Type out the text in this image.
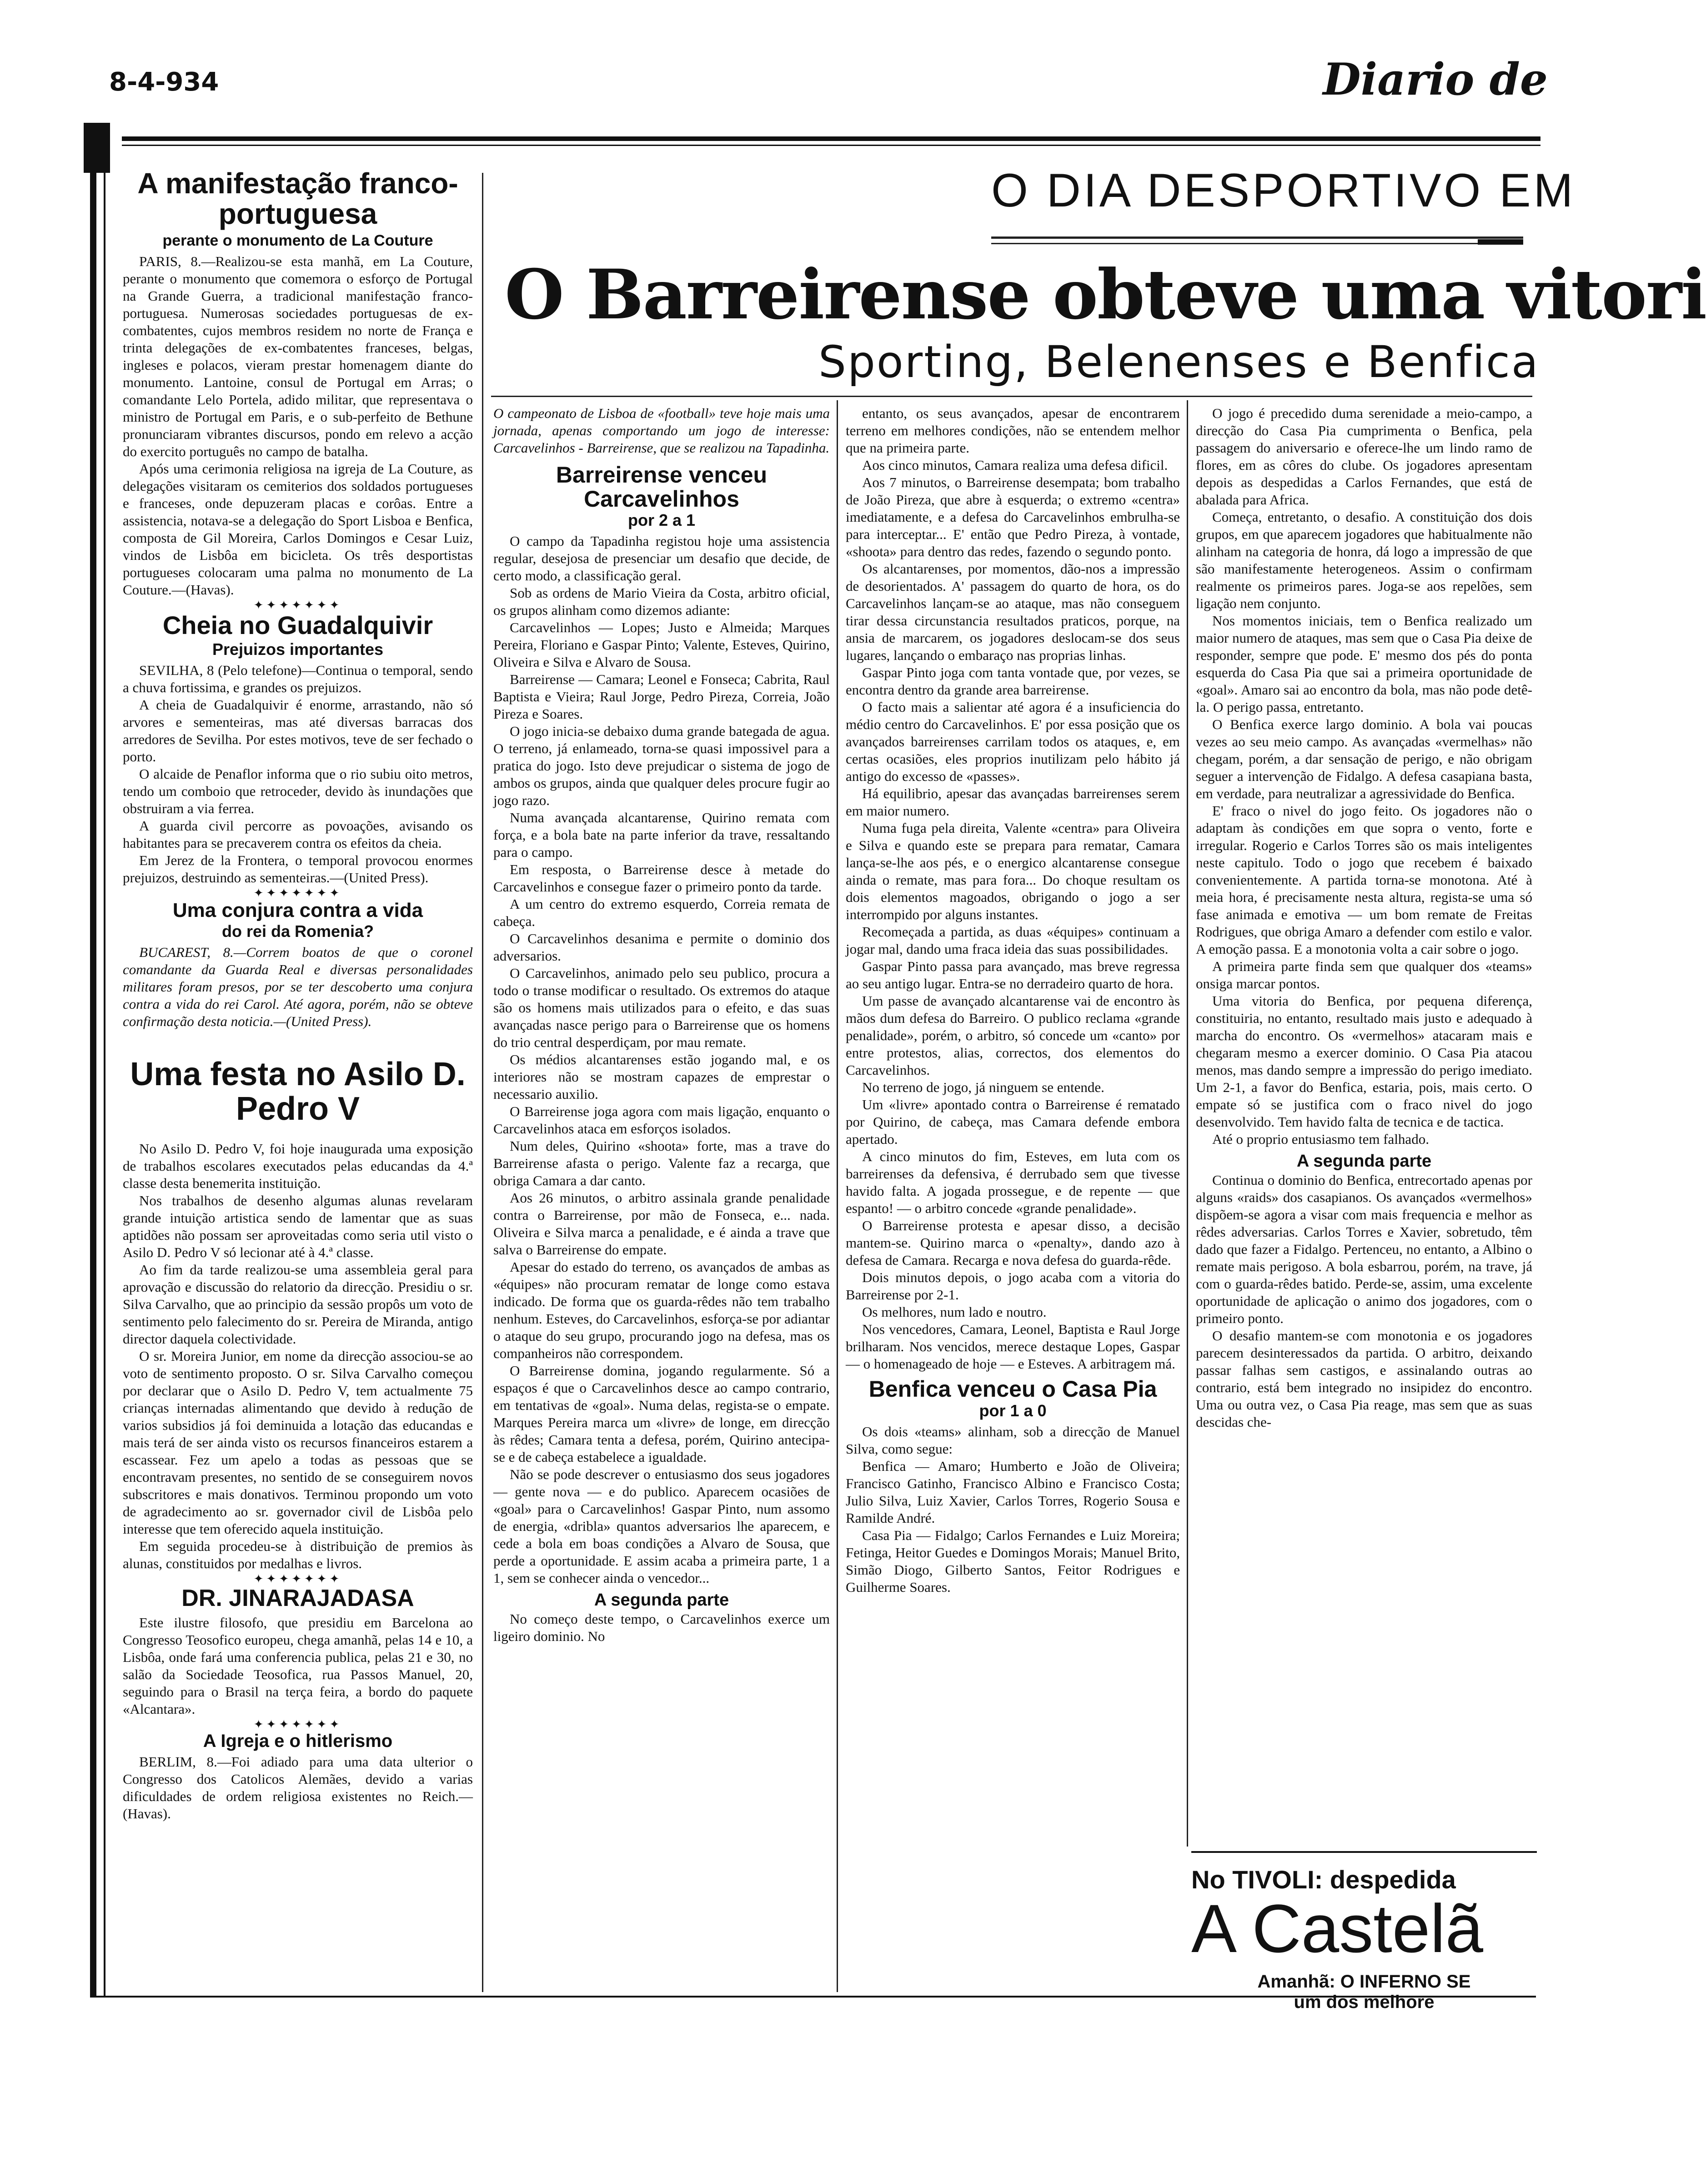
8-4-934	Diario de
A manifestação franco-portuguesa
perante o monumento de La Couture

PARIS, 8.—Realizou-se esta manhã, em La Couture, perante o monumento que comemora o esforço de Portugal na Grande Guerra, a tradicional manifestação franco-portuguesa. Numerosas sociedades portuguesas de ex-combatentes, cujos membros residem no norte de França e trinta delegações de ex-combatentes franceses, belgas, ingleses e polacos, vieram prestar homenagem diante do monumento. Lantoine, consul de Portugal em Arras; o comandante Lelo Portela, adido militar, que representava o ministro de Portugal em Paris, e o sub-perfeito de Bethune pronunciaram vibrantes discursos, pondo em relevo a acção do exercito português no campo de batalha.

Após uma cerimonia religiosa na igreja de La Couture, as delegações visitaram os cemiterios dos soldados portugueses e franceses, onde depuzeram placas e corôas. Entre a assistencia, notava-se a delegação do Sport Lisboa e Benfica, composta de Gil Moreira, Carlos Domingos e Cesar Luiz, vindos de Lisbôa em bicicleta. Os três desportistas portugueses colocaram uma palma no monumento de La Couture.—(Havas).

✦✦✦✦✦✦✦
Cheia no Guadalquivir
Prejuizos importantes

SEVILHA, 8 (Pelo telefone)—Continua o temporal, sendo a chuva fortissima, e grandes os prejuizos.

A cheia de Guadalquivir é enorme, arrastando, não só arvores e sementeiras, mas até diversas barracas dos arredores de Sevilha. Por estes motivos, teve de ser fechado o porto.

O alcaide de Penaflor informa que o rio subiu oito metros, tendo um comboio que retroceder, devido às inundações que obstruiram a via ferrea.

A guarda civil percorre as povoações, avisando os habitantes para se precaverem contra os efeitos da cheia.

Em Jerez de la Frontera, o temporal provocou enormes prejuizos, destruindo as sementeiras.—(United Press).

✦✦✦✦✦✦✦
Uma conjura contra a vida
do rei da Romenia?

BUCAREST, 8.—Correm boatos de que o coronel comandante da Guarda Real e diversas personalidades militares foram presos, por se ter descoberto uma conjura contra a vida do rei Carol. Até agora, porém, não se obteve confirmação desta noticia.—(United Press).

Uma festa no Asilo D. Pedro V

No Asilo D. Pedro V, foi hoje inaugurada uma exposição de trabalhos escolares executados pelas educandas da 4.ª classe desta benemerita instituição.

Nos trabalhos de desenho algumas alunas revelaram grande intuição artistica sendo de lamentar que as suas aptidões não possam ser aproveitadas como seria util visto o Asilo D. Pedro V só lecionar até à 4.ª classe.

Ao fim da tarde realizou-se uma assembleia geral para aprovação e discussão do relatorio da direcção. Presidiu o sr. Silva Carvalho, que ao principio da sessão propôs um voto de sentimento pelo falecimento do sr. Pereira de Miranda, antigo director daquela colectividade.

O sr. Moreira Junior, em nome da direcção associou-se ao voto de sentimento proposto. O sr. Silva Carvalho começou por declarar que o Asilo D. Pedro V, tem actualmente 75 crianças internadas alimentando que devido à redução de varios subsidios já foi deminuida a lotação das educandas e mais terá de ser ainda visto os recursos financeiros estarem a escassear. Fez um apelo a todas as pessoas que se encontravam presentes, no sentido de se conseguirem novos subscritores e mais donativos. Terminou propondo um voto de agradecimento ao sr. governador civil de Lisbôa pelo interesse que tem oferecido aquela instituição.

Em seguida procedeu-se à distribuição de premios às alunas, constituidos por medalhas e livros.

✦✦✦✦✦✦✦
DR. JINARAJADASA

Este ilustre filosofo, que presidiu em Barcelona ao Congresso Teosofico europeu, chega amanhã, pelas 14 e 10, a Lisbôa, onde fará uma conferencia publica, pelas 21 e 30, no salão da Sociedade Teosofica, rua Passos Manuel, 20, seguindo para o Brasil na terça feira, a bordo do paquete «Alcantara».

✦✦✦✦✦✦✦
A Igreja e o hitlerismo

BERLIM, 8.—Foi adiado para uma data ulterior o Congresso dos Catolicos Alemães, devido a varias dificuldades de ordem religiosa existentes no Reich.—(Havas).

O DIA DESPORTIVO EM
O Barreirense obteve uma vitori
Sporting, Belenenses e Benfica

O campeonato de Lisboa de «football» teve hoje mais uma jornada, apenas comportando um jogo de interesse: Carcavelinhos - Barreirense, que se realizou na Tapadinha.

Barreirense venceu Carcavelinhos
por 2 a 1

O campo da Tapadinha registou hoje uma assistencia regular, desejosa de presenciar um desafio que decide, de certo modo, a classificação geral.

Sob as ordens de Mario Vieira da Costa, arbitro oficial, os grupos alinham como dizemos adiante:

Carcavelinhos — Lopes; Justo e Almeida; Marques Pereira, Floriano e Gaspar Pinto; Valente, Esteves, Quirino, Oliveira e Silva e Alvaro de Sousa.

Barreirense — Camara; Leonel e Fonseca; Cabrita, Raul Baptista e Vieira; Raul Jorge, Pedro Pireza, Correia, João Pireza e Soares.

O jogo inicia-se debaixo duma grande bategada de agua. O terreno, já enlameado, torna-se quasi impossivel para a pratica do jogo. Isto deve prejudicar o sistema de jogo de ambos os grupos, ainda que qualquer deles procure fugir ao jogo razo.

Numa avançada alcantarense, Quirino remata com força, e a bola bate na parte inferior da trave, ressaltando para o campo.

Em resposta, o Barreirense desce à metade do Carcavelinhos e consegue fazer o primeiro ponto da tarde.

A um centro do extremo esquerdo, Correia remata de cabeça.

O Carcavelinhos desanima e permite o dominio dos adversarios.

O Carcavelinhos, animado pelo seu publico, procura a todo o transe modificar o resultado. Os extremos do ataque são os homens mais utilizados para o efeito, e das suas avançadas nasce perigo para o Barreirense que os homens do trio central desperdiçam, por mau remate.

Os médios alcantarenses estão jogando mal, e os interiores não se mostram capazes de emprestar o necessario auxilio.

O Barreirense joga agora com mais ligação, enquanto o Carcavelinhos ataca em esforços isolados.

Num deles, Quirino «shoota» forte, mas a trave do Barreirense afasta o perigo. Valente faz a recarga, que obriga Camara a dar canto.

Aos 26 minutos, o arbitro assinala grande penalidade contra o Barreirense, por mão de Fonseca, e... nada. Oliveira e Silva marca a penalidade, e é ainda a trave que salva o Barreirense do empate.

Apesar do estado do terreno, os avançados de ambas as «équipes» não procuram rematar de longe como estava indicado. De forma que os guarda-rêdes não tem trabalho nenhum. Esteves, do Carcavelinhos, esforça-se por adiantar o ataque do seu grupo, procurando jogo na defesa, mas os companheiros não correspondem.

O Barreirense domina, jogando regularmente. Só a espaços é que o Carcavelinhos desce ao campo contrario, em tentativas de «goal». Numa delas, regista-se o empate. Marques Pereira marca um «livre» de longe, em direcção às rêdes; Camara tenta a defesa, porém, Quirino antecipa-se e de cabeça estabelece a igualdade.

Não se pode descrever o entusiasmo dos seus jogadores — gente nova — e do publico. Aparecem ocasiões de «goal» para o Carcavelinhos! Gaspar Pinto, num assomo de energia, «dribla» quantos adversarios lhe aparecem, e cede a bola em boas condições a Alvaro de Sousa, que perde a oportunidade. E assim acaba a primeira parte, 1 a 1, sem se conhecer ainda o vencedor...

A segunda parte

No começo deste tempo, o Carcavelinhos exerce um ligeiro dominio. No

entanto, os seus avançados, apesar de encontrarem terreno em melhores condições, não se entendem melhor que na primeira parte.

Aos cinco minutos, Camara realiza uma defesa dificil.

Aos 7 minutos, o Barreirense desempata; bom trabalho de João Pireza, que abre à esquerda; o extremo «centra» imediatamente, e a defesa do Carcavelinhos embrulha-se para interceptar... E' então que Pedro Pireza, à vontade, «shoota» para dentro das redes, fazendo o segundo ponto.

Os alcantarenses, por momentos, dão-nos a impressão de desorientados. A' passagem do quarto de hora, os do Carcavelinhos lançam-se ao ataque, mas não conseguem tirar dessa circunstancia resultados praticos, porque, na ansia de marcarem, os jogadores deslocam-se dos seus lugares, lançando o embaraço nas proprias linhas.

Gaspar Pinto joga com tanta vontade que, por vezes, se encontra dentro da grande area barreirense.

O facto mais a salientar até agora é a insuficiencia do médio centro do Carcavelinhos. E' por essa posição que os avançados barreirenses carrilam todos os ataques, e, em certas ocasiões, eles proprios inutilizam pelo hábito já antigo do excesso de «passes».

Há equilibrio, apesar das avançadas barreirenses serem em maior numero.

Numa fuga pela direita, Valente «centra» para Oliveira e Silva e quando este se prepara para rematar, Camara lança-se-lhe aos pés, e o energico alcantarense consegue ainda o remate, mas para fora... Do choque resultam os dois elementos magoados, obrigando o jogo a ser interrompido por alguns instantes.

Recomeçada a partida, as duas «équipes» continuam a jogar mal, dando uma fraca ideia das suas possibilidades.

Gaspar Pinto passa para avançado, mas breve regressa ao seu antigo lugar. Entra-se no derradeiro quarto de hora.

Um passe de avançado alcantarense vai de encontro às mãos dum defesa do Barreiro. O publico reclama «grande penalidade», porém, o arbitro, só concede um «canto» por entre protestos, alias, correctos, dos elementos do Carcavelinhos.

No terreno de jogo, já ninguem se entende.

Um «livre» apontado contra o Barreirense é rematado por Quirino, de cabeça, mas Camara defende embora apertado.

A cinco minutos do fim, Esteves, em luta com os barreirenses da defensiva, é derrubado sem que tivesse havido falta. A jogada prossegue, e de repente — que espanto! — o arbitro concede «grande penalidade».

O Barreirense protesta e apesar disso, a decisão mantem-se. Quirino marca o «penalty», dando azo à defesa de Camara. Recarga e nova defesa do guarda-rêde.

Dois minutos depois, o jogo acaba com a vitoria do Barreirense por 2-1.

Os melhores, num lado e noutro.

Nos vencedores, Camara, Leonel, Baptista e Raul Jorge brilharam. Nos vencidos, merece destaque Lopes, Gaspar — o homenageado de hoje — e Esteves. A arbitragem má.

Benfica venceu o Casa Pia
por 1 a 0

Os dois «teams» alinham, sob a direcção de Manuel Silva, como segue:

Benfica — Amaro; Humberto e João de Oliveira; Francisco Gatinho, Francisco Albino e Francisco Costa; Julio Silva, Luiz Xavier, Carlos Torres, Rogerio Sousa e Ramilde André.

Casa Pia — Fidalgo; Carlos Fernandes e Luiz Moreira; Fetinga, Heitor Guedes e Domingos Morais; Manuel Brito, Simão Diogo, Gilberto Santos, Feitor Rodrigues e Guilherme Soares.

O jogo é precedido duma serenidade a meio-campo, a direcção do Casa Pia cumprimenta o Benfica, pela passagem do aniversario e oferece-lhe um lindo ramo de flores, em as côres do clube. Os jogadores apresentam depois as despedidas a Carlos Fernandes, que está de abalada para Africa.

Começa, entretanto, o desafio. A constituição dos dois grupos, em que aparecem jogadores que habitualmente não alinham na categoria de honra, dá logo a impressão de que são manifestamente heterogeneos. Assim o confirmam realmente os primeiros pares. Joga-se aos repelões, sem ligação nem conjunto.

Nos momentos iniciais, tem o Benfica realizado um maior numero de ataques, mas sem que o Casa Pia deixe de responder, sempre que pode. E' mesmo dos pés do ponta esquerda do Casa Pia que sai a primeira oportunidade de «goal». Amaro sai ao encontro da bola, mas não pode detê-la. O perigo passa, entretanto.

O Benfica exerce largo dominio. A bola vai poucas vezes ao seu meio campo. As avançadas «vermelhas» não chegam, porém, a dar sensação de perigo, e não obrigam seguer a intervenção de Fidalgo. A defesa casapiana basta, em verdade, para neutralizar a agressividade do Benfica.

E' fraco o nivel do jogo feito. Os jogadores não o adaptam às condições em que sopra o vento, forte e irregular. Rogerio e Carlos Torres são os mais inteligentes neste capitulo. Todo o jogo que recebem é baixado convenientemente. A partida torna-se monotona. Até à meia hora, é precisamente nesta altura, regista-se uma só fase animada e emotiva — um bom remate de Freitas Rodrigues, que obriga Amaro a defender com estilo e valor. A emoção passa. E a monotonia volta a cair sobre o jogo.

A primeira parte finda sem que qualquer dos «teams» onsiga marcar pontos.

Uma vitoria do Benfica, por pequena diferença, constituiria, no entanto, resultado mais justo e adequado à marcha do encontro. Os «vermelhos» atacaram mais e chegaram mesmo a exercer dominio. O Casa Pia atacou menos, mas dando sempre a impressão do perigo imediato. Um 2-1, a favor do Benfica, estaria, pois, mais certo. O empate só se justifica com o fraco nivel do jogo desenvolvido. Tem havido falta de tecnica e de tactica.

Até o proprio entusiasmo tem falhado.

A segunda parte

Continua o dominio do Benfica, entrecortado apenas por alguns «raids» dos casapianos. Os avançados «vermelhos» dispõem-se agora a visar com mais frequencia e melhor as rêdes adversarias. Carlos Torres e Xavier, sobretudo, têm dado que fazer a Fidalgo. Pertenceu, no entanto, a Albino o remate mais perigoso. A bola esbarrou, porém, na trave, já com o guarda-rêdes batido. Perde-se, assim, uma excelente oportunidade de aplicação o animo dos jogadores, com o primeiro ponto.

O desafio mantem-se com monotonia e os jogadores parecem desinteressados da partida. O arbitro, deixando passar falhas sem castigos, e assinalando outras ao contrario, está bem integrado no insipidez do encontro. Uma ou outra vez, o Casa Pia reage, mas sem que as suas descidas che-

No TIVOLI: despedida
A Castelã
Amanhã: O INFERNO SE
um dos melhore
